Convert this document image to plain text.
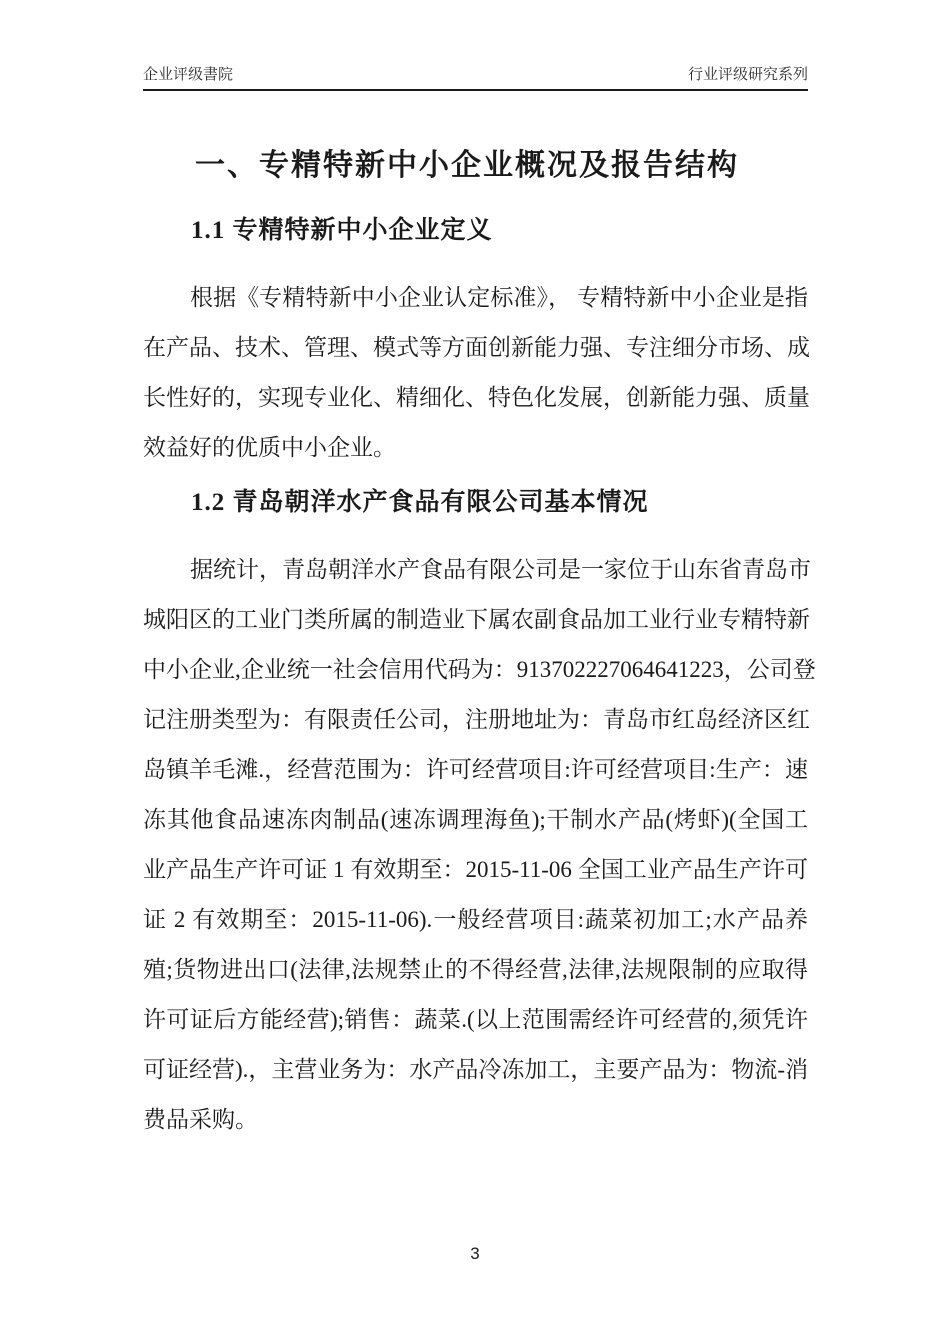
企业评级書院	行业评级研究系列
一、专精特新中小企业概况及报告结构
1.1 专精特新中小企业定义
根据《专精特新中小企业认定标准》， 专精特新中小企业是指
在产品、技术、管理、模式等方面创新能力强、专注细分市场、成
长性好的，实现专业化、精细化、特色化发展，创新能力强、质量
效益好的优质中小企业。
1.2 青岛朝洋水产食品有限公司基本情况
据统计，青岛朝洋水产食品有限公司是一家位于山东省青岛市
城阳区的工业门类所属的制造业下属农副食品加工业行业专精特新
中小企业,企业统一社会信用代码为：913702227064641223，公司登
记注册类型为：有限责任公司，注册地址为：青岛市红岛经济区红
岛镇羊毛滩.，经营范围为：许可经营项目:许可经营项目:生产：速
冻其他食品速冻肉制品(速冻调理海鱼);干制水产品(烤虾)(全国工
业产品生产许可证 1 有效期至：2015-11-06 全国工业产品生产许可
证 2 有效期至：2015-11-06).一般经营项目:蔬菜初加工;水产品养
殖;货物进出口(法律,法规禁止的不得经营,法律,法规限制的应取得
许可证后方能经营);销售：蔬菜.(以上范围需经许可经营的,须凭许
可证经营).，主营业务为：水产品冷冻加工，主要产品为：物流-消
费品采购。
3
